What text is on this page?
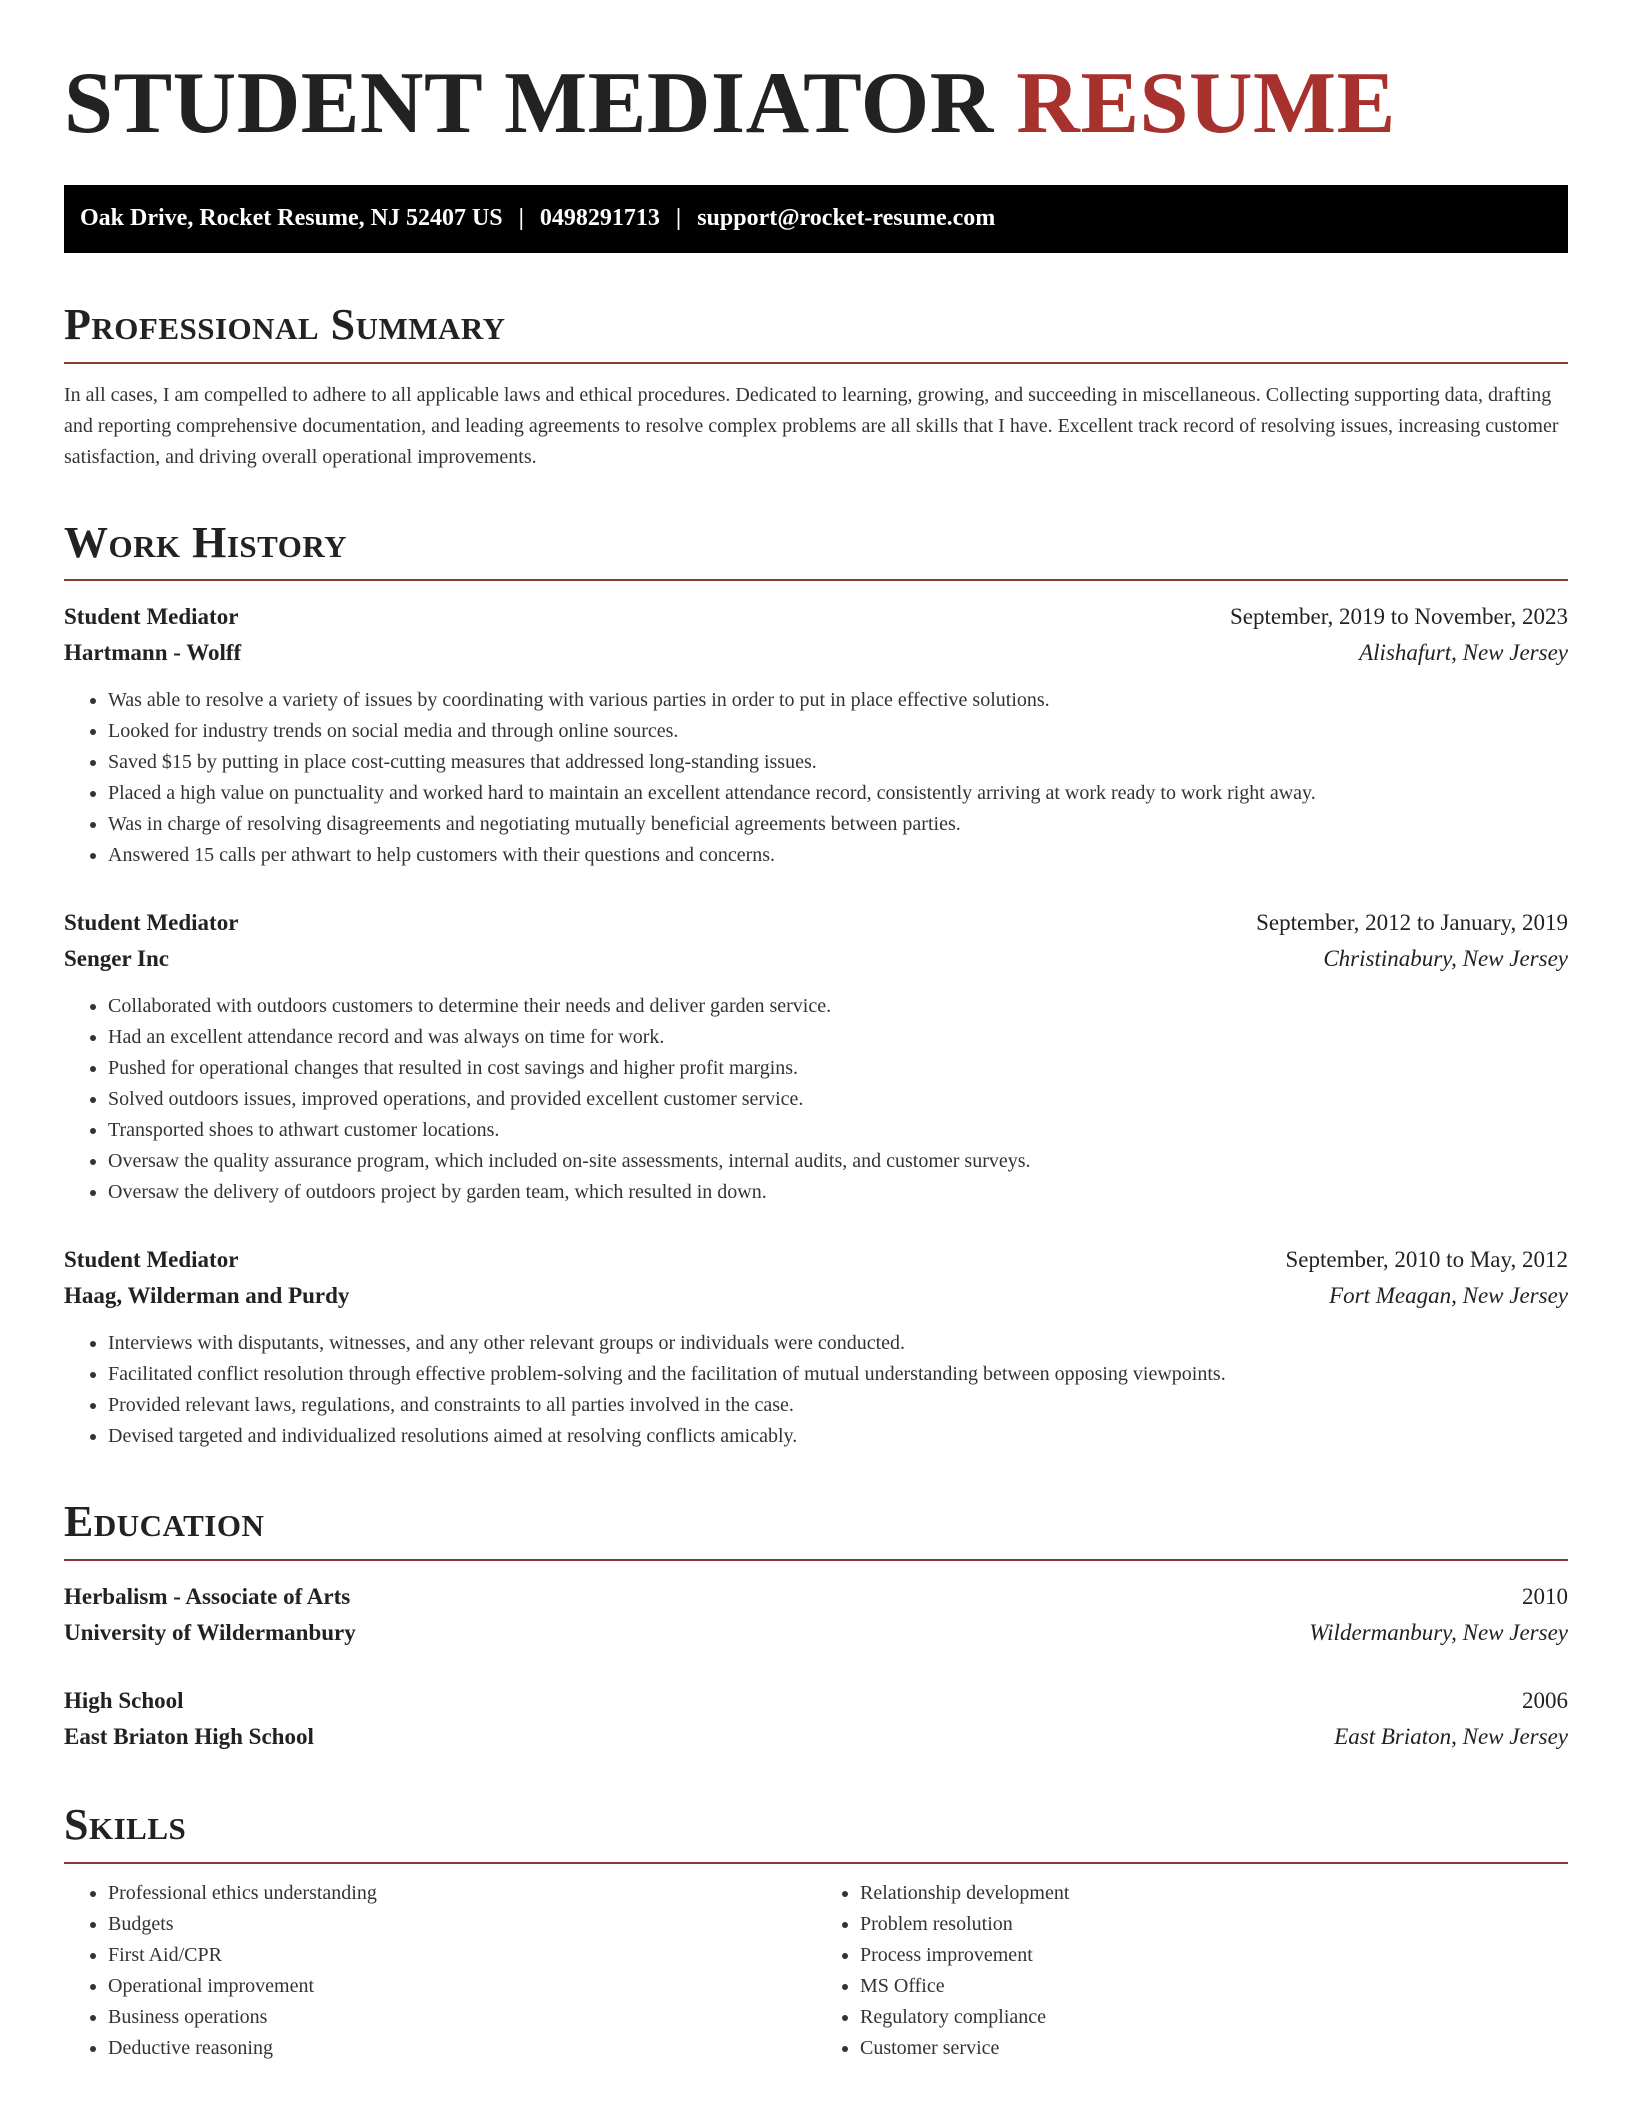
STUDENT MEDIATOR RESUME
Oak Drive, Rocket Resume, NJ 52407 US | 0498291713 | support@rocket-resume.com
Professional Summary

In all cases, I am compelled to adhere to all applicable laws and ethical procedures. Dedicated to learning, growing, and succeeding in miscellaneous. Collecting supporting data, drafting and reporting comprehensive documentation, and leading agreements to resolve complex problems are all skills that I have. Excellent track record of resolving issues, increasing customer satisfaction, and driving overall operational improvements.

Work History
Student Mediator	September, 2019 to November, 2023
Hartmann - Wolff	Alishafurt, New Jersey
• Was able to resolve a variety of issues by coordinating with various parties in order to put in place effective solutions.
• Looked for industry trends on social media and through online sources.
• Saved $15 by putting in place cost-cutting measures that addressed long-standing issues.
• Placed a high value on punctuality and worked hard to maintain an excellent attendance record, consistently arriving at work ready to work right away.
• Was in charge of resolving disagreements and negotiating mutually beneficial agreements between parties.
• Answered 15 calls per athwart to help customers with their questions and concerns.
Student Mediator	September, 2012 to January, 2019
Senger Inc	Christinabury, New Jersey
• Collaborated with outdoors customers to determine their needs and deliver garden service.
• Had an excellent attendance record and was always on time for work.
• Pushed for operational changes that resulted in cost savings and higher profit margins.
• Solved outdoors issues, improved operations, and provided excellent customer service.
• Transported shoes to athwart customer locations.
• Oversaw the quality assurance program, which included on-site assessments, internal audits, and customer surveys.
• Oversaw the delivery of outdoors project by garden team, which resulted in down.
Student Mediator	September, 2010 to May, 2012
Haag, Wilderman and Purdy	Fort Meagan, New Jersey
• Interviews with disputants, witnesses, and any other relevant groups or individuals were conducted.
• Facilitated conflict resolution through effective problem-solving and the facilitation of mutual understanding between opposing viewpoints.
• Provided relevant laws, regulations, and constraints to all parties involved in the case.
• Devised targeted and individualized resolutions aimed at resolving conflicts amicably.
Education
Herbalism - Associate of Arts	2010
University of Wildermanbury	Wildermanbury, New Jersey
High School	2006
East Briaton High School	East Briaton, New Jersey
Skills
• Professional ethics understanding
• Budgets
• First Aid/CPR
• Operational improvement
• Business operations
• Deductive reasoning
• Relationship development
• Problem resolution
• Process improvement
• MS Office
• Regulatory compliance
• Customer service
